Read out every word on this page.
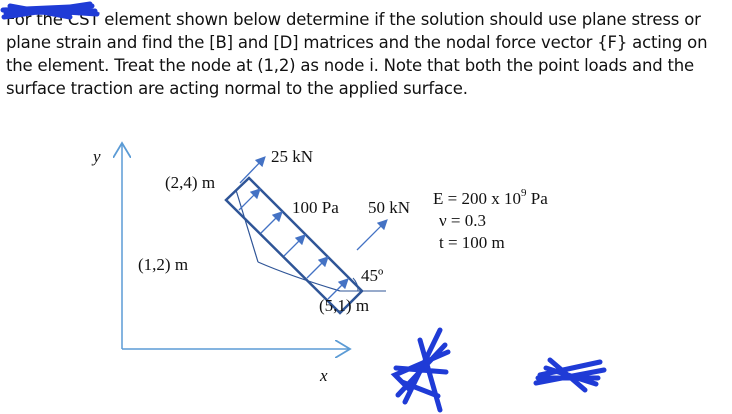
For the CST element shown below determine if the solution should use plane stress or plane strain and find the [B] and [D] matrices and the nodal force vector {F} acting on the element. Treat the node at (1,2) as node i. Note that both the point loads and the surface traction are acting normal to the applied surface.
y
x
25 kN
(2,4) m
100 Pa 50 kN
(1,2) m
45º
(5,1) m
E = 200 x $10^9$ Pa
ν = 0.3
t = 100 m
